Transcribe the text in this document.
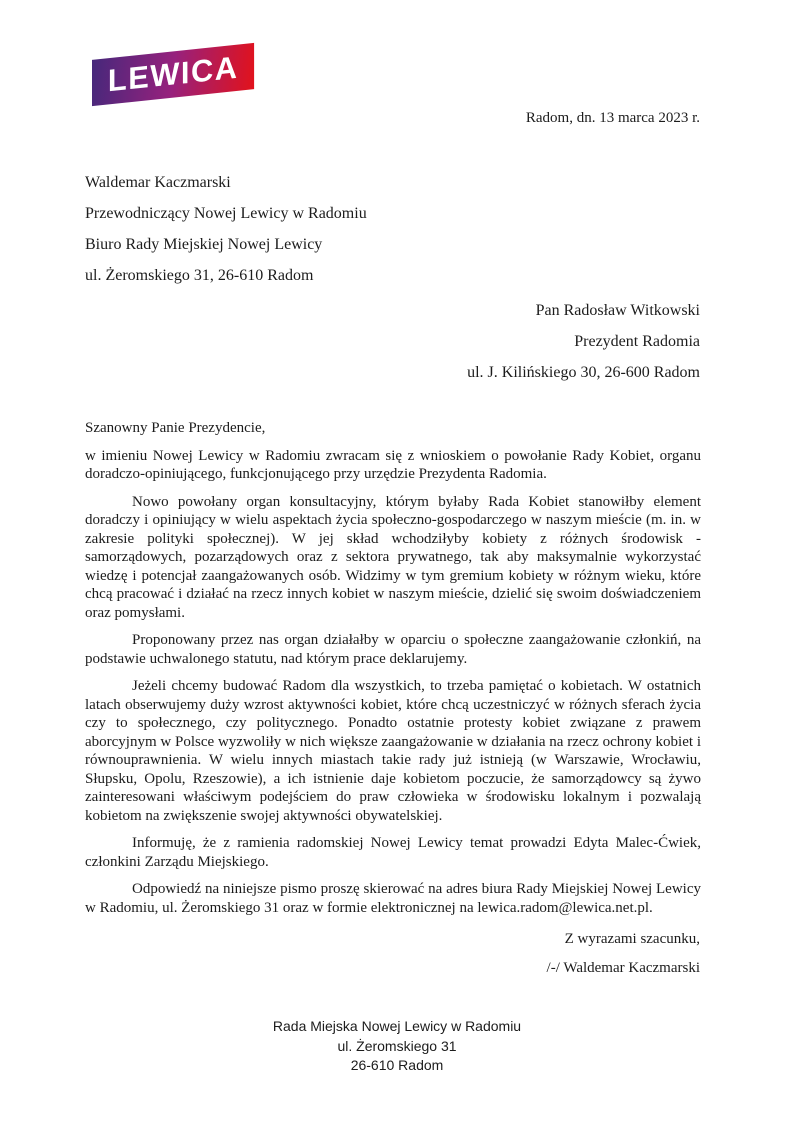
LEWICA
Radom, dn. 13 marca 2023 r.
Waldemar Kaczmarski
Przewodniczący Nowej Lewicy w Radomiu
Biuro Rady Miejskiej Nowej Lewicy
ul. Żeromskiego 31, 26-610 Radom
Pan Radosław Witkowski
Prezydent Radomia
ul. J. Kilińskiego 30, 26-600 Radom

Szanowny Panie Prezydencie,

w imieniu Nowej Lewicy w Radomiu zwracam się z wnioskiem o powołanie Rady Kobiet, organu doradczo-opiniującego, funkcjonującego przy urzędzie Prezydenta Radomia.

Nowo powołany organ konsultacyjny, którym byłaby Rada Kobiet stanowiłby element doradczy i opiniujący w wielu aspektach życia społeczno-gospodarczego w naszym mieście (m. in. w zakresie polityki społecznej). W jej skład wchodziłyby kobiety z różnych środowisk - samorządowych, pozarządowych oraz z sektora prywatnego, tak aby maksymalnie wykorzystać wiedzę i potencjał zaangażowanych osób. Widzimy w tym gremium kobiety w różnym wieku, które chcą pracować i działać na rzecz innych kobiet w naszym mieście, dzielić się swoim doświadczeniem oraz pomysłami.

Proponowany przez nas organ działałby w oparciu o społeczne zaangażowanie członkiń, na podstawie uchwalonego statutu, nad którym prace deklarujemy.

Jeżeli chcemy budować Radom dla wszystkich, to trzeba pamiętać o kobietach. W ostatnich latach obserwujemy duży wzrost aktywności kobiet, które chcą uczestniczyć w różnych sferach życia czy to społecznego, czy politycznego. Ponadto ostatnie protesty kobiet związane z prawem aborcyjnym w Polsce wyzwoliły w nich większe zaangażowanie w działania na rzecz ochrony kobiet i równouprawnienia. W wielu innych miastach takie rady już istnieją (w Warszawie, Wrocławiu, Słupsku, Opolu, Rzeszowie), a ich istnienie daje kobietom poczucie, że samorządowcy są żywo zainteresowani właściwym podejściem do praw człowieka w środowisku lokalnym i pozwalają kobietom na zwiększenie swojej aktywności obywatelskiej.

Informuję, że z ramienia radomskiej Nowej Lewicy temat prowadzi Edyta Malec-Ćwiek, członkini Zarządu Miejskiego.

Odpowiedź na niniejsze pismo proszę skierować na adres biura Rady Miejskiej Nowej Lewicy w Radomiu, ul. Żeromskiego 31 oraz w formie elektronicznej na lewica.radom@lewica.net.pl.

Z wyrazami szacunku,
/-/ Waldemar Kaczmarski
Rada Miejska Nowej Lewicy w Radomiu
ul. Żeromskiego 31
26-610 Radom
